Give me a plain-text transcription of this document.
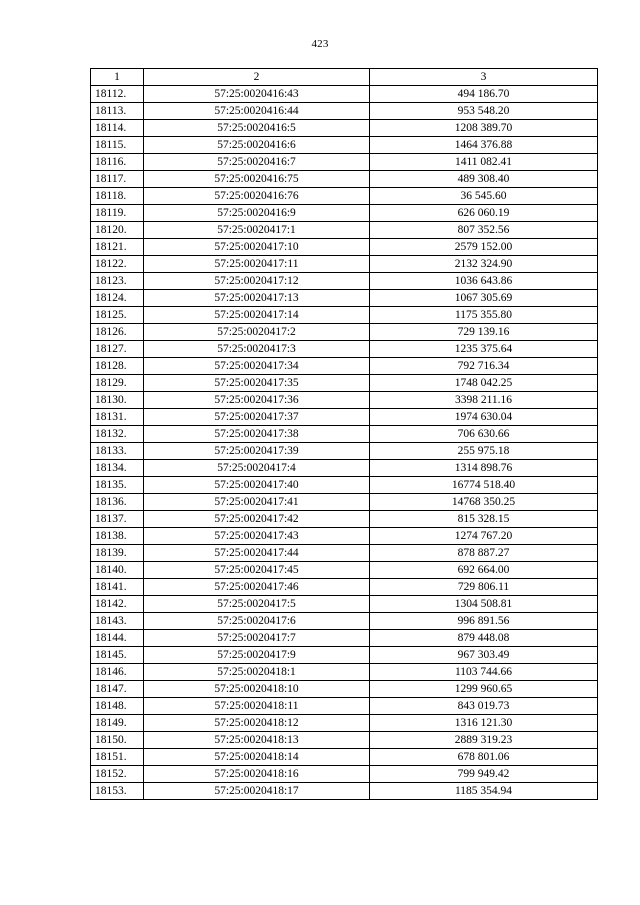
423
1	2	3
18112.	57:25:0020416:43	494 186.70
18113.	57:25:0020416:44	953 548.20
18114.	57:25:0020416:5	1208 389.70
18115.	57:25:0020416:6	1464 376.88
18116.	57:25:0020416:7	1411 082.41
18117.	57:25:0020416:75	489 308.40
18118.	57:25:0020416:76	36 545.60
18119.	57:25:0020416:9	626 060.19
18120.	57:25:0020417:1	807 352.56
18121.	57:25:0020417:10	2579 152.00
18122.	57:25:0020417:11	2132 324.90
18123.	57:25:0020417:12	1036 643.86
18124.	57:25:0020417:13	1067 305.69
18125.	57:25:0020417:14	1175 355.80
18126.	57:25:0020417:2	729 139.16
18127.	57:25:0020417:3	1235 375.64
18128.	57:25:0020417:34	792 716.34
18129.	57:25:0020417:35	1748 042.25
18130.	57:25:0020417:36	3398 211.16
18131.	57:25:0020417:37	1974 630.04
18132.	57:25:0020417:38	706 630.66
18133.	57:25:0020417:39	255 975.18
18134.	57:25:0020417:4	1314 898.76
18135.	57:25:0020417:40	16774 518.40
18136.	57:25:0020417:41	14768 350.25
18137.	57:25:0020417:42	815 328.15
18138.	57:25:0020417:43	1274 767.20
18139.	57:25:0020417:44	878 887.27
18140.	57:25:0020417:45	692 664.00
18141.	57:25:0020417:46	729 806.11
18142.	57:25:0020417:5	1304 508.81
18143.	57:25:0020417:6	996 891.56
18144.	57:25:0020417:7	879 448.08
18145.	57:25:0020417:9	967 303.49
18146.	57:25:0020418:1	1103 744.66
18147.	57:25:0020418:10	1299 960.65
18148.	57:25:0020418:11	843 019.73
18149.	57:25:0020418:12	1316 121.30
18150.	57:25:0020418:13	2889 319.23
18151.	57:25:0020418:14	678 801.06
18152.	57:25:0020418:16	799 949.42
18153.	57:25:0020418:17	1185 354.94
